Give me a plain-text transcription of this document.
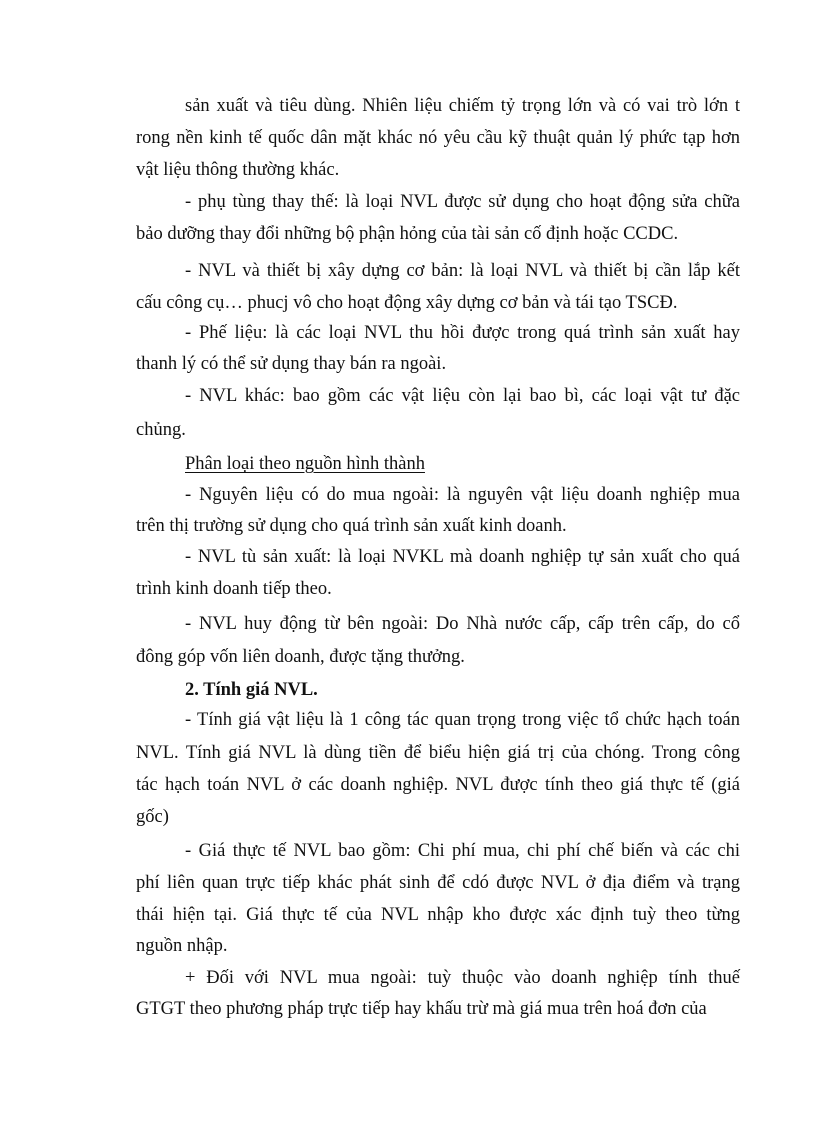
sản xuất và tiêu dùng. Nhiên liệu chiếm tỷ trọng lớn và có vai trò lớn t
rong nền kinh tế quốc dân mặt khác nó yêu cầu kỹ thuật quản lý phức tạp hơn
vật liệu thông thường khác.
- phụ tùng thay thế: là loại NVL được sử dụng cho hoạt động sửa chữa
bảo dưỡng thay đổi những bộ phận hỏng của tài sản cố định hoặc CCDC.
- NVL và thiết bị xây dựng cơ bản: là loại NVL và thiết bị cần lắp kết
cấu công cụ… phucj vô cho hoạt động xây dựng cơ bản và tái tạo TSCĐ.
- Phế liệu: là các loại NVL thu hồi được trong quá trình sản xuất hay
thanh lý có thể sử dụng thay bán ra ngoài.
- NVL khác: bao gồm các vật liệu còn lại bao bì, các loại vật tư đặc
chủng.
Phân loại theo nguồn hình thành
- Nguyên liệu có do mua ngoài: là nguyên vật liệu doanh nghiệp mua
trên thị trường sử dụng cho quá trình sản xuất kinh doanh.
- NVL tù sản xuất: là loại NVKL mà doanh nghiệp tự sản xuất cho quá
trình kinh doanh tiếp theo.
- NVL huy động từ bên ngoài: Do Nhà nước cấp, cấp trên cấp, do cổ
đông góp vốn liên doanh, được tặng thưởng.
2. Tính giá NVL.
- Tính giá vật liệu là 1 công tác quan trọng trong việc tổ chức hạch toán
NVL. Tính giá NVL là dùng tiền để biểu hiện giá trị của chóng. Trong công
tác hạch toán NVL ở các doanh nghiệp. NVL được tính theo giá thực tế (giá
gốc)
- Giá thực tế NVL bao gồm: Chi phí mua, chi phí chế biến và các chi
phí liên quan trực tiếp khác phát sinh để cdó được NVL ở địa điểm và trạng
thái hiện tại. Giá thực tế của NVL nhập kho được xác định tuỳ theo từng
nguồn nhập.
+ Đối với NVL mua ngoài: tuỳ thuộc vào doanh nghiệp tính thuế
GTGT theo phương pháp trực tiếp hay khấu trừ mà giá mua trên hoá đơn của
